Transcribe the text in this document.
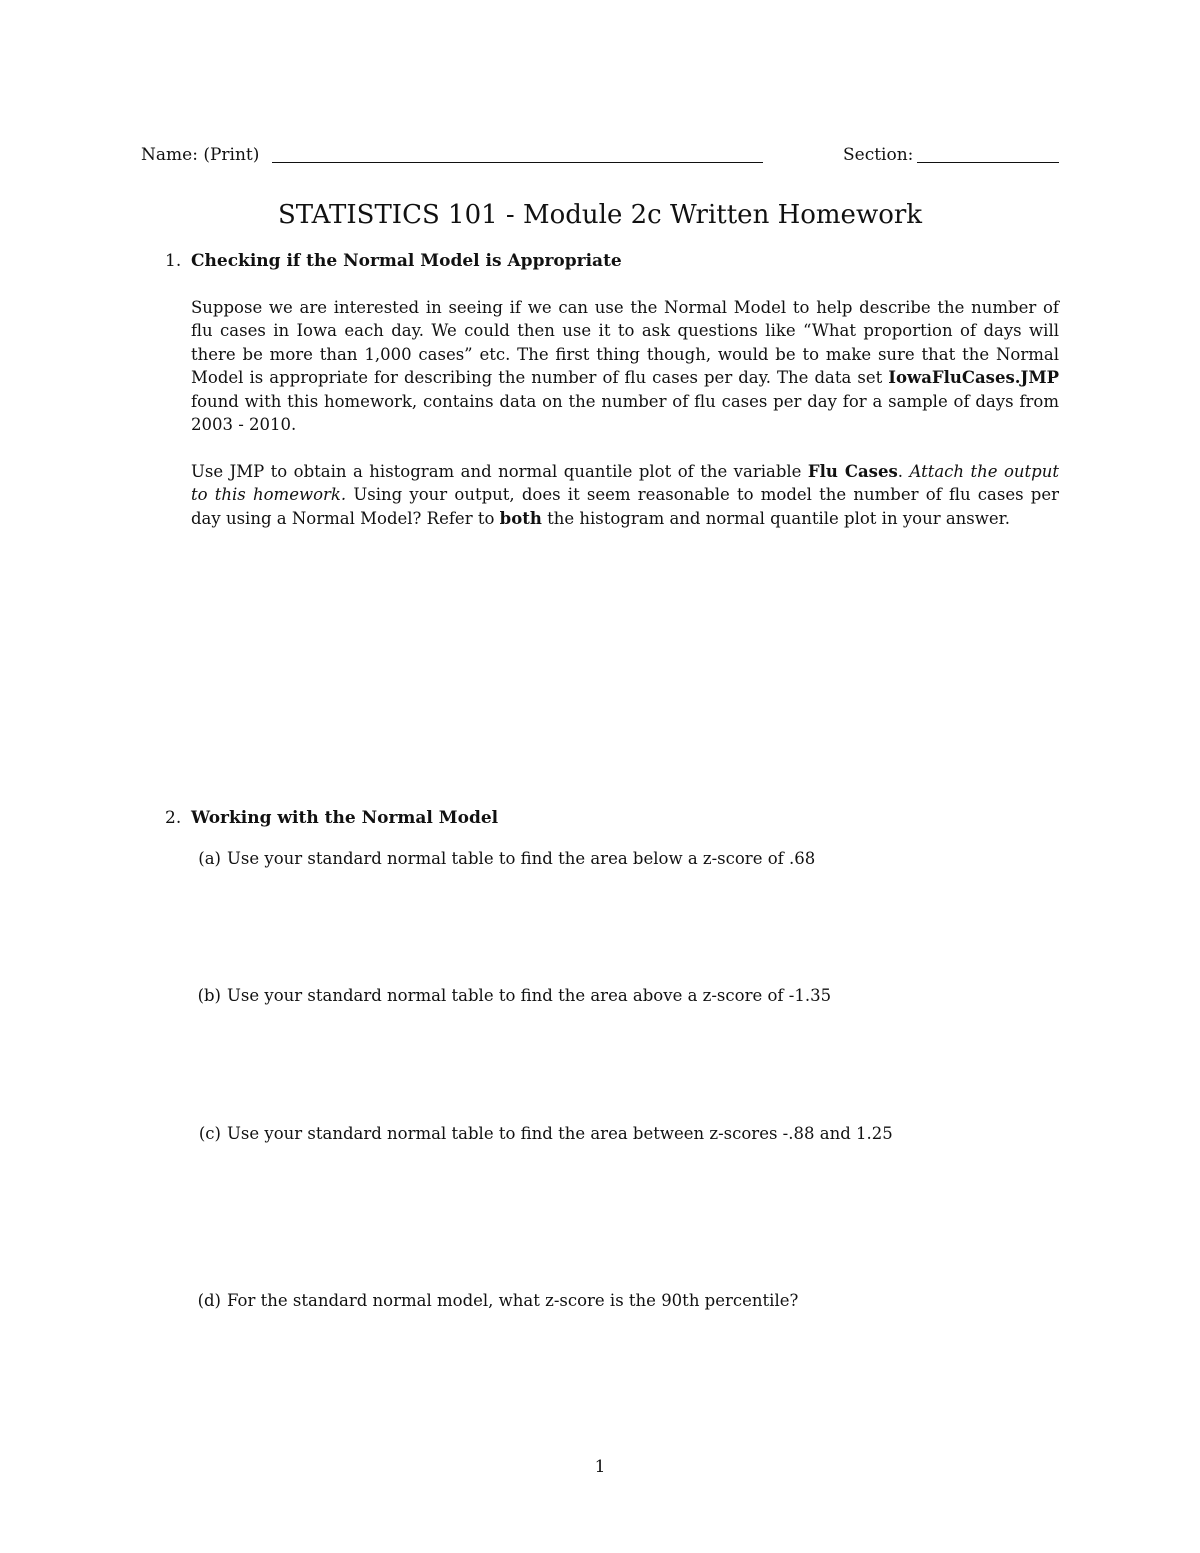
Name: (Print)	Section:
STATISTICS 101 - Module 2c Written Homework
1. Checking if the Normal Model is Appropriate
Suppose we are interested in seeing if we can use the Normal Model to help describe the number of flu cases in Iowa each day. We could then use it to ask questions like “What proportion of days will there be more than 1,000 cases” etc. The first thing though, would be to make sure that the Normal Model is appropriate for describing the number of flu cases per day. The data set IowaFluCases.JMP found with this homework, contains data on the number of flu cases per day for a sample of days from 2003 - 2010.
Use JMP to obtain a histogram and normal quantile plot of the variable Flu Cases. Attach the output to this homework. Using your output, does it seem reasonable to model the number of flu cases per day using a Normal Model? Refer to both the histogram and normal quantile plot in your answer.
2. Working with the Normal Model
(a) Use your standard normal table to find the area below a z-score of .68
(b) Use your standard normal table to find the area above a z-score of -1.35
(c) Use your standard normal table to find the area between z-scores -.88 and 1.25
(d) For the standard normal model, what z-score is the 90th percentile?
1
